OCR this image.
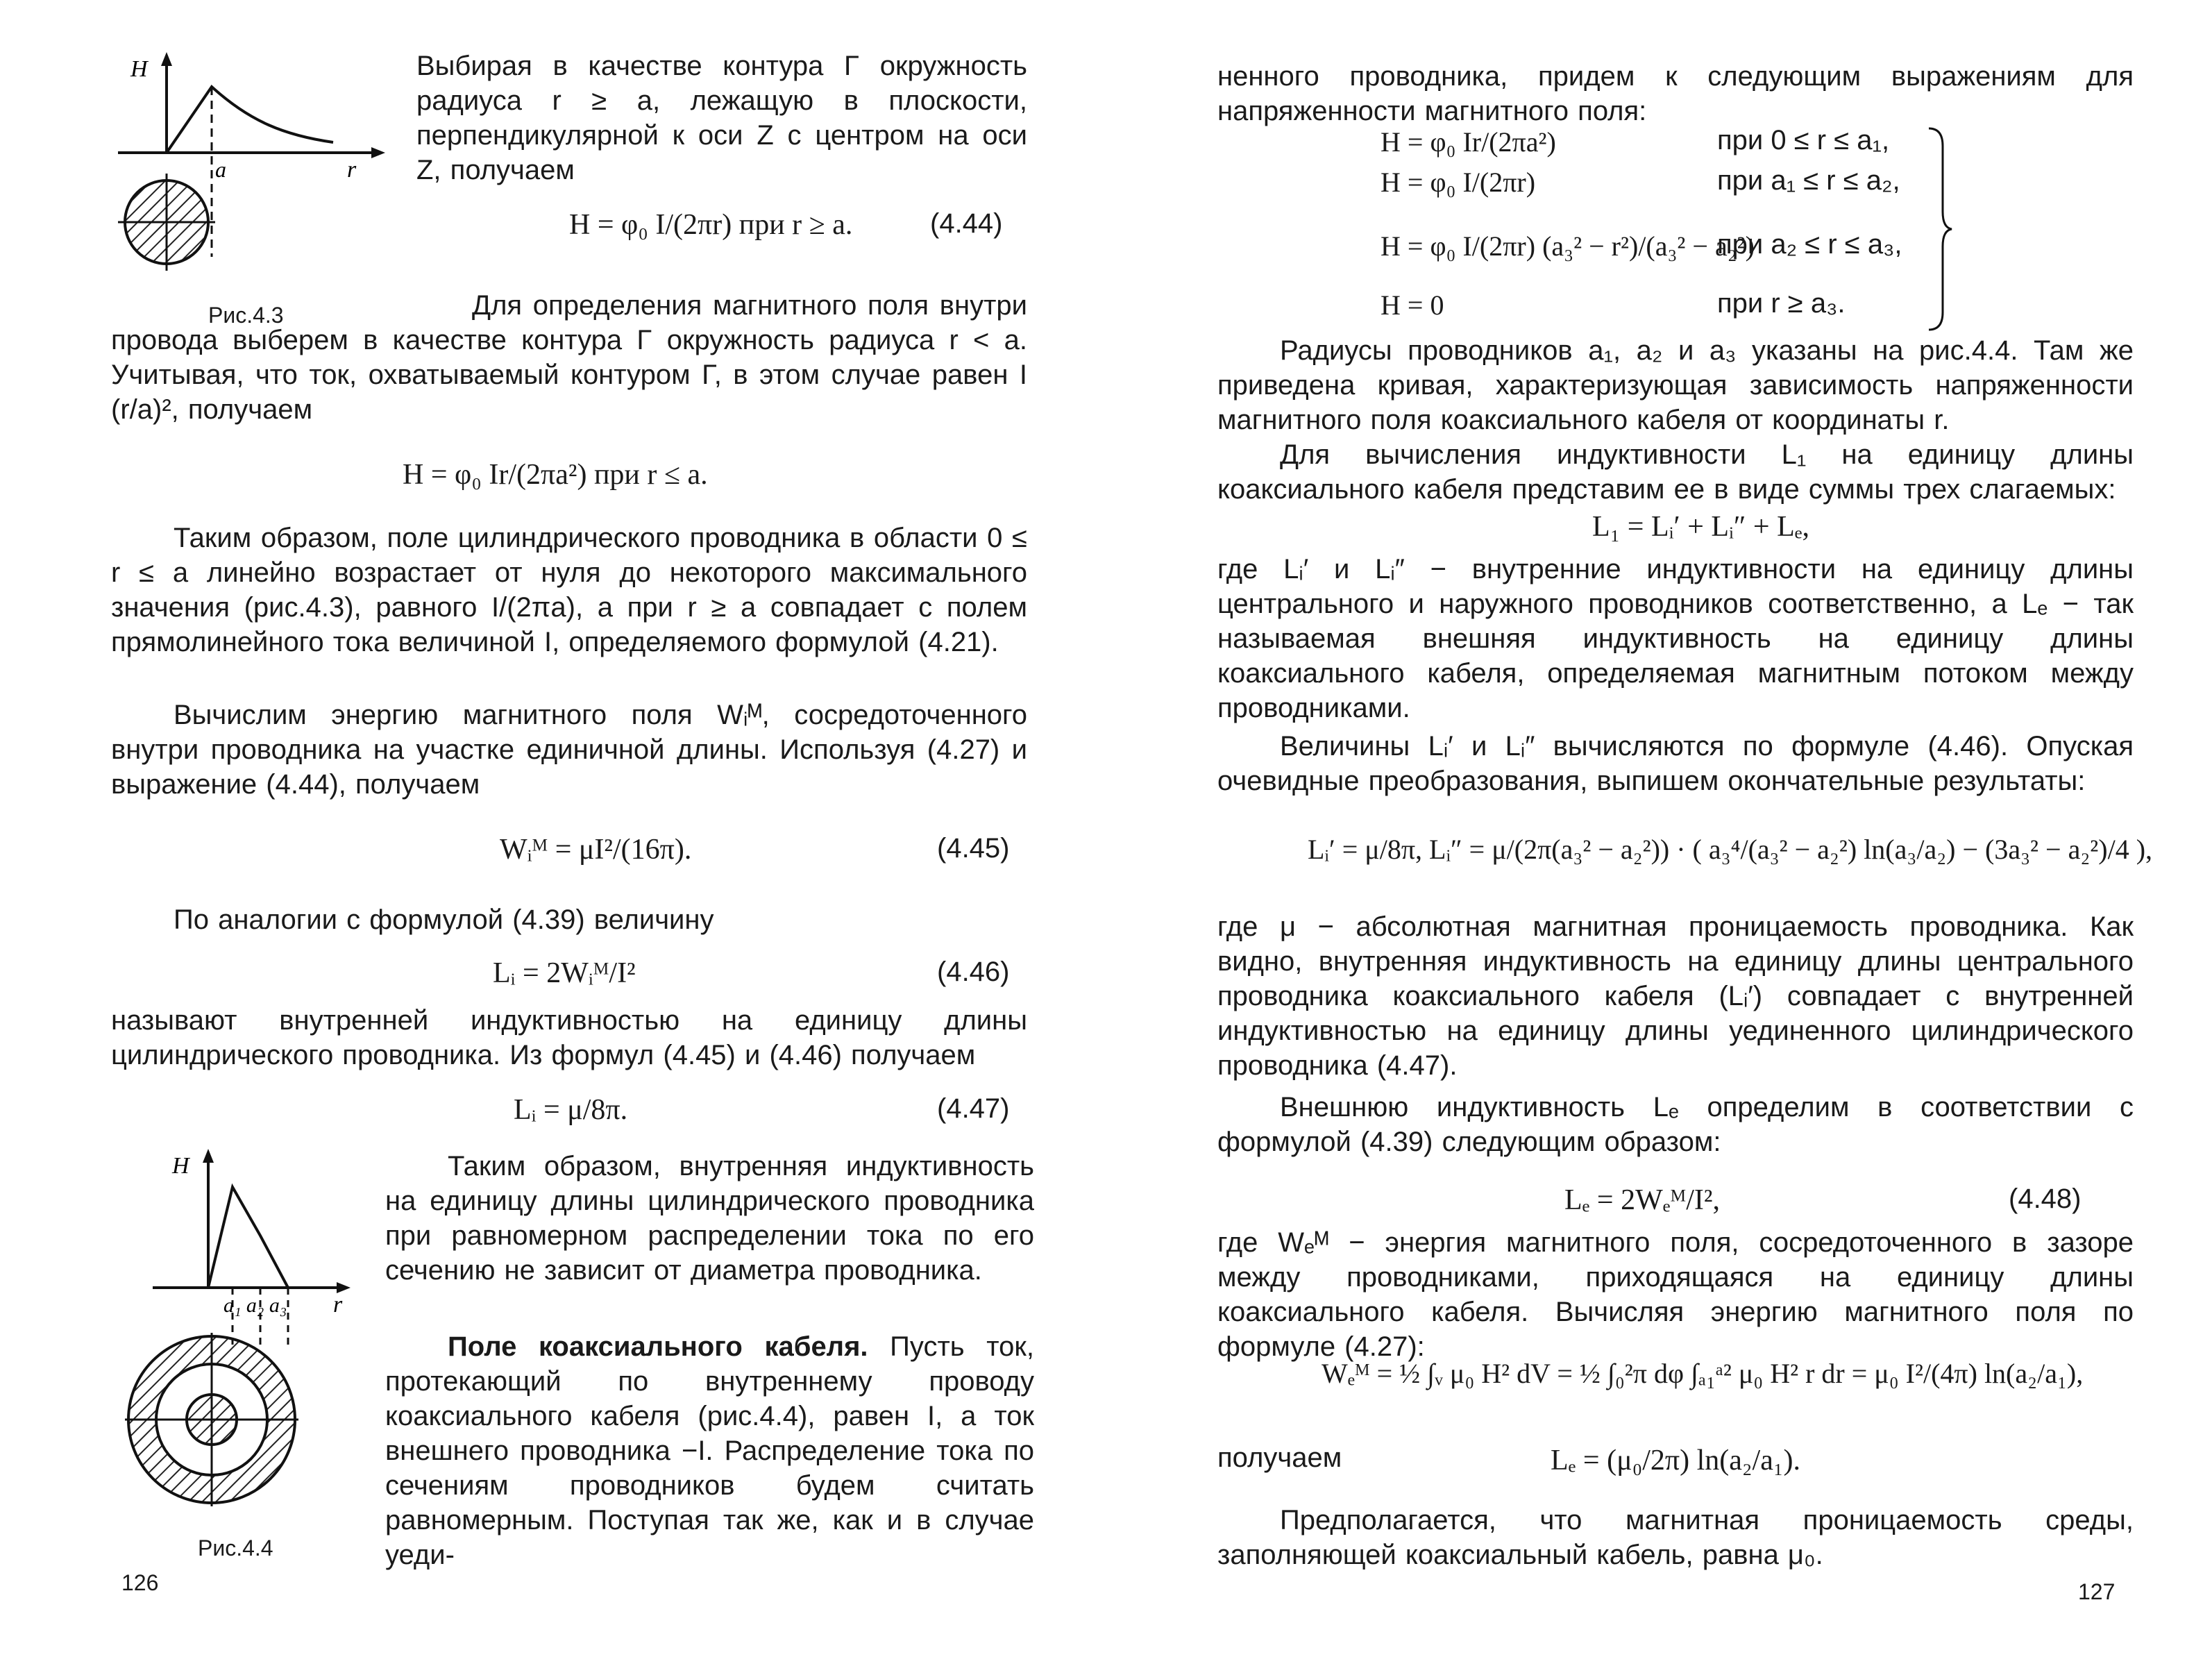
H
a	r
Рис.4.3
Выбирая в качестве контура Γ окружность радиуса r ≥ a, лежащую в плоскости, перпендикулярной к оси Z с центром на оси Z, получаем
H = φ₀ I/(2πr) при r ≥ a.	(4.44)
Для определения магнитного поля внутри провода выберем в качестве контура Γ окружность радиуса r < a. Учитывая, что ток, охватываемый контуром Γ, в этом случае равен I (r/a)², получаем
H = φ₀ Ir/(2πa²) при r ≤ a.
Таким образом, поле цилиндрического проводника в области 0 ≤ r ≤ a линейно возрастает от нуля до некоторого максимального значения (рис.4.3), равного I/(2πa), а при r ≥ a совпадает с полем прямолинейного тока величиной I, определяемого формулой (4.21).
Вычислим энергию магнитного поля Wᵢᴹ, сосредоточенного внутри проводника на участке единичной длины. Используя (4.27) и выражение (4.44), получаем
Wᵢᴹ = μI²/(16π).	(4.45)
По аналогии с формулой (4.39) величину
Lᵢ = 2Wᵢᴹ/I²	(4.46)
называют внутренней индуктивностью на единицу длины цилиндрического проводника. Из формул (4.45) и (4.46) получаем
Lᵢ = μ/8π.	(4.47)
H
a₁ a₂ a₃ r
Рис.4.4
Таким образом, внутренняя индуктивность на единицу длины цилиндрического проводника при равномерном распределении тока по его сечению не зависит от диаметра проводника.
Поле коаксиального кабеля. Пусть ток, протекающий по внутреннему проводу коаксиального кабеля (рис.4.4), равен I, а ток внешнего проводника −I. Распределение тока по сечениям проводников будем считать равномерным. Поступая так же, как и в случае уеди-
126
ненного проводника, придем к следующим выражениям для напряженности магнитного поля:
H = φ₀ Ir/(2πa²)	при 0 ≤ r ≤ a₁,
H = φ₀ I/(2πr)	при a₁ ≤ r ≤ a₂,
H = φ₀ I/(2πr) (a₃² − r²)/(a₃² − a₂²)
при a₂ ≤ r ≤ a₃,
H = 0	при r ≥ a₃.
Радиусы проводников a₁, a₂ и a₃ указаны на рис.4.4. Там же приведена кривая, характеризующая зависимость напряженности магнитного поля коаксиального кабеля от координаты r.
Для вычисления индуктивности L₁ на единицу длины коаксиального кабеля представим ее в виде суммы трех слагаемых:
L₁ = Lᵢ′ + Lᵢ″ + Lₑ,
где Lᵢ′ и Lᵢ″ − внутренние индуктивности на единицу длины центрального и наружного проводников соответственно, а Lₑ − так называемая внешняя индуктивность на единицу длины коаксиального кабеля, определяемая магнитным потоком между проводниками.
Величины Lᵢ′ и Lᵢ″ вычисляются по формуле (4.46). Опуская очевидные преобразования, выпишем окончательные результаты:
Lᵢ′ = μ/8π, Lᵢ″ = μ/(2π(a₃² − a₂²)) · ( a₃⁴/(a₃² − a₂²) ln(a₃/a₂) − (3a₃² − a₂²)/4 ),
где μ − абсолютная магнитная проницаемость проводника. Как видно, внутренняя индуктивность на единицу длины центрального проводника коаксиального кабеля (Lᵢ′) совпадает с внутренней индуктивностью на единицу длины уединенного цилиндрического проводника (4.47).
Внешнюю индуктивность Lₑ определим в соответствии с формулой (4.39) следующим образом:
Lₑ = 2Wₑᴹ/I²,	(4.48)
где Wₑᴹ − энергия магнитного поля, сосредоточенного в зазоре между проводниками, приходящаяся на единицу длины коаксиального кабеля. Вычисляя энергию магнитного поля по формуле (4.27):
Wₑᴹ = ½ ∫ᵥ μ₀ H² dV = ½ ∫₀²π dφ ∫ₐ₁ᵃ² μ₀ H² r dr = μ₀ I²/(4π) ln(a₂/a₁),
получаем	Lₑ = (μ₀/2π) ln(a₂/a₁).
Предполагается, что магнитная проницаемость среды, заполняющей коаксиальный кабель, равна μ₀.
127
